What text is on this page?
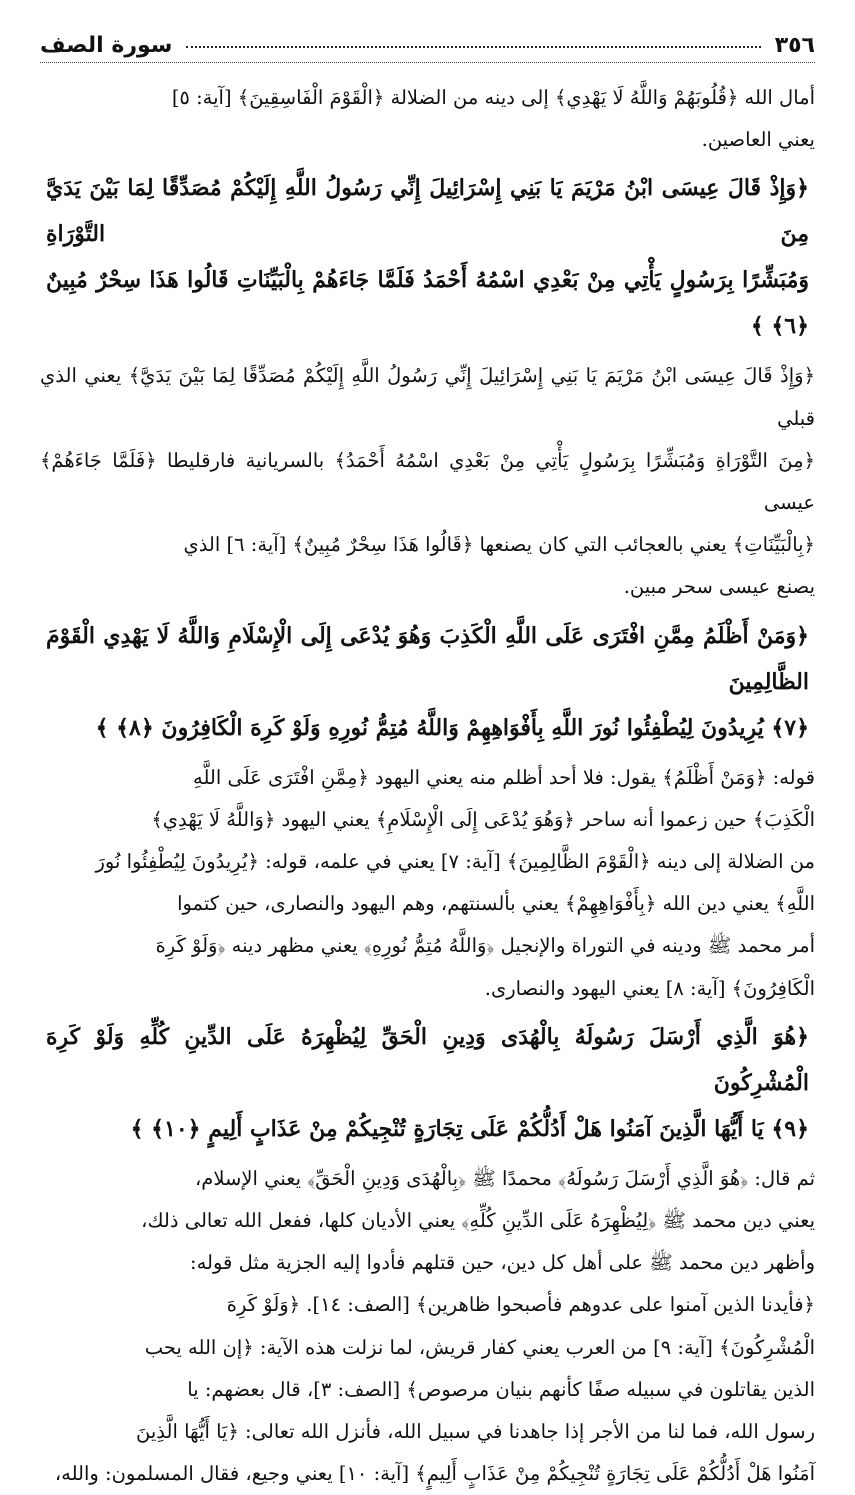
٣٥٦
سورة الصف

أمال الله ﴿قُلُوبَهُمْ وَاللَّهُ لَا يَهْدِي﴾ إلى دينه من الضلالة ﴿الْقَوْمَ الْفَاسِقِينَ﴾ [آية: ٥]

يعني العاصين.

﴿وَإِذْ قَالَ عِيسَى ابْنُ مَرْيَمَ يَا بَنِي إِسْرَائِيلَ إِنِّي رَسُولُ اللَّهِ إِلَيْكُمْ مُصَدِّقًا لِمَا بَيْنَ يَدَيَّ مِنَ التَّوْرَاةِ

وَمُبَشِّرًا بِرَسُولٍ يَأْتِي مِنْ بَعْدِي اسْمُهُ أَحْمَدُ فَلَمَّا جَاءَهُمْ بِالْبَيِّنَاتِ قَالُوا هَذَا سِحْرٌ مُبِينٌ ﴿٦﴾ ﴾

﴿وَإِذْ قَالَ عِيسَى ابْنُ مَرْيَمَ يَا بَنِي إِسْرَائِيلَ إِنِّي رَسُولُ اللَّهِ إِلَيْكُمْ مُصَدِّقًا لِمَا بَيْنَ يَدَيَّ﴾ يعني الذي قبلي

﴿مِنَ التَّوْرَاةِ وَمُبَشِّرًا بِرَسُولٍ يَأْتِي مِنْ بَعْدِي اسْمُهُ أَحْمَدُ﴾ بالسريانية فارقليطا ﴿فَلَمَّا جَاءَهُمْ﴾ عيسى

﴿بِالْبَيِّنَاتِ﴾ يعني بالعجائب التي كان يصنعها ﴿قَالُوا هَذَا سِحْرٌ مُبِينٌ﴾ [آية: ٦] الذي

يصنع عيسى سحر مبين.

﴿وَمَنْ أَظْلَمُ مِمَّنِ افْتَرَى عَلَى اللَّهِ الْكَذِبَ وَهُوَ يُدْعَى إِلَى الْإِسْلَامِ وَاللَّهُ لَا يَهْدِي الْقَوْمَ الظَّالِمِينَ

﴿٧﴾ يُرِيدُونَ لِيُطْفِئُوا نُورَ اللَّهِ بِأَفْوَاهِهِمْ وَاللَّهُ مُتِمُّ نُورِهِ وَلَوْ كَرِهَ الْكَافِرُونَ ﴿٨﴾ ﴾

قوله: ﴿وَمَنْ أَظْلَمُ﴾ يقول: فلا أحد أظلم منه يعني اليهود ﴿مِمَّنِ افْتَرَى عَلَى اللَّهِ

الْكَذِبَ﴾ حين زعموا أنه ساحر ﴿وَهُوَ يُدْعَى إِلَى الْإِسْلَامِ﴾ يعني اليهود ﴿وَاللَّهُ لَا يَهْدِي﴾

من الضلالة إلى دينه ﴿الْقَوْمَ الظَّالِمِينَ﴾ [آية: ٧] يعني في علمه، قوله: ﴿يُرِيدُونَ لِيُطْفِئُوا نُورَ

اللَّهِ﴾ يعني دين الله ﴿بِأَفْوَاهِهِمْ﴾ يعني بألسنتهم، وهم اليهود والنصارى، حين كتموا

أمر محمد ﷺ ودينه في التوراة والإنجيل ﴿وَاللَّهُ مُتِمُّ نُورِهِ﴾ يعني مظهر دينه ﴿وَلَوْ كَرِهَ

الْكَافِرُونَ﴾ [آية: ٨] يعني اليهود والنصارى.

﴿هُوَ الَّذِي أَرْسَلَ رَسُولَهُ بِالْهُدَى وَدِينِ الْحَقِّ لِيُظْهِرَهُ عَلَى الدِّينِ كُلِّهِ وَلَوْ كَرِهَ الْمُشْرِكُونَ

﴿٩﴾ يَا أَيُّهَا الَّذِينَ آمَنُوا هَلْ أَدُلُّكُمْ عَلَى تِجَارَةٍ تُنْجِيكُمْ مِنْ عَذَابٍ أَلِيمٍ ﴿١٠﴾ ﴾

ثم قال: ﴿هُوَ الَّذِي أَرْسَلَ رَسُولَهُ﴾ محمدًا ﷺ ﴿بِالْهُدَى وَدِينِ الْحَقِّ﴾ يعني الإسلام،

يعني دين محمد ﷺ ﴿لِيُظْهِرَهُ عَلَى الدِّينِ كُلِّهِ﴾ يعني الأديان كلها، ففعل الله تعالى ذلك،

وأظهر دين محمد ﷺ على أهل كل دين، حين قتلهم فأدوا إليه الجزية مثل قوله:

﴿فأيدنا الذين آمنوا على عدوهم فأصبحوا ظاهرين﴾ [الصف: ١٤]. ﴿وَلَوْ كَرِهَ

الْمُشْرِكُونَ﴾ [آية: ٩] من العرب يعني كفار قريش، لما نزلت هذه الآية: ﴿إن الله يحب

الذين يقاتلون في سبيله صفًا كأنهم بنيان مرصوص﴾ [الصف: ٣]، قال بعضهم: يا

رسول الله، فما لنا من الأجر إذا جاهدنا في سبيل الله، فأنزل الله تعالى: ﴿يَا أَيُّهَا الَّذِينَ

آمَنُوا هَلْ أَدُلُّكُمْ عَلَى تِجَارَةٍ تُنْجِيكُمْ مِنْ عَذَابٍ أَلِيمٍ﴾ [آية: ١٠] يعني وجيع، فقال المسلمون: والله،
